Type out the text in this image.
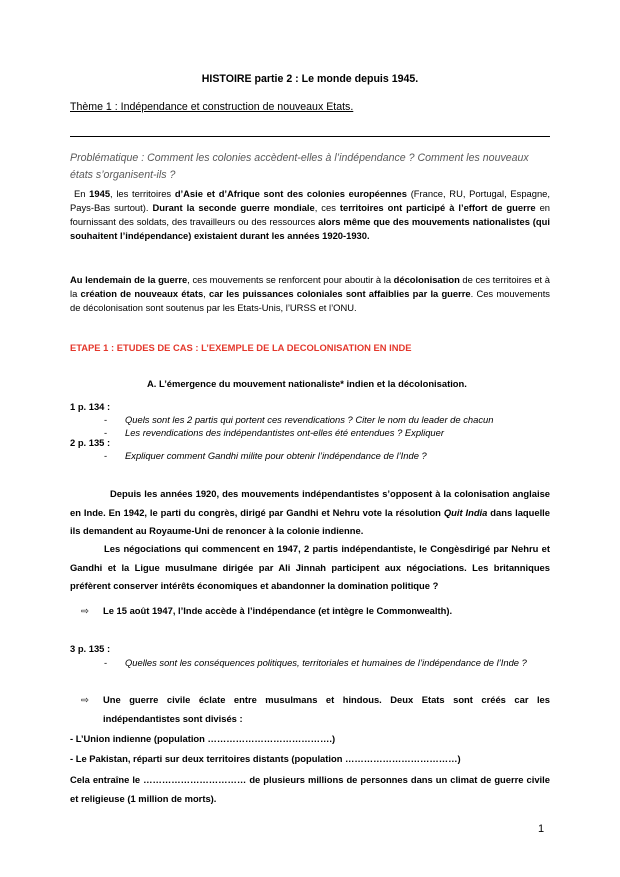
HISTOIRE partie 2 : Le monde depuis 1945.
Thème 1 : Indépendance et construction de nouveaux Etats.
Problématique : Comment les colonies accèdent-elles à l’indépendance ? Comment les nouveaux états s’organisent-ils ?

En 1945, les territoires d’Asie et d’Afrique sont des colonies européennes (France, RU, Portugal, Espagne, Pays-Bas surtout). Durant la seconde guerre mondiale, ces territoires ont participé à l’effort de guerre en fournissant des soldats, des travailleurs ou des ressources alors même que des mouvements nationalistes (qui souhaitent l’indépendance) existaient durant les années 1920-1930.

Au lendemain de la guerre, ces mouvements se renforcent pour aboutir à la décolonisation de ces territoires et à la création de nouveaux états, car les puissances coloniales sont affaiblies par la guerre. Ces mouvements de décolonisation sont soutenus par les Etats-Unis, l’URSS et l’ONU.

ETAPE 1 : ETUDES DE CAS : L’EXEMPLE DE LA DECOLONISATION EN INDE
A. L’émergence du mouvement nationaliste* indien et la décolonisation.
1 p. 134 :
- Quels sont les 2 partis qui portent ces revendications ? Citer le nom du leader de chacun
- Les revendications des indépendantistes ont-elles été entendues ? Expliquer
2 p. 135 :
- Expliquer comment Gandhi milite pour obtenir l’indépendance de l’Inde ?

Depuis les années 1920, des mouvements indépendantistes s’opposent à la colonisation anglaise en Inde. En 1942, le parti du congrès, dirigé par Gandhi et Nehru vote la résolution Quit India dans laquelle ils demandent au Royaume-Uni de renoncer à la colonie indienne.

Les négociations qui commencent en 1947, 2 partis indépendantiste, le Congèsdirigé par Nehru et Gandhi et la Ligue musulmane dirigée par Ali Jinnah participent aux négociations. Les britanniques préfèrent conserver intérêts économiques et abandonner la domination politique ?

⇨ Le 15 août 1947, l’Inde accède à l’indépendance (et intègre le Commonwealth).
3 p. 135 :
- Quelles sont les conséquences politiques, territoriales et humaines de l’indépendance de l’Inde ?
⇨ Une guerre civile éclate entre musulmans et hindous. Deux Etats sont créés car les indépendantistes sont divisés :
- L’Union indienne (population ………………………………….)
- Le Pakistan, réparti sur deux territoires distants (population ………………………………)

Cela entraîne le …………………………… de plusieurs millions de personnes dans un climat de guerre civile et religieuse (1 million de morts).

1
